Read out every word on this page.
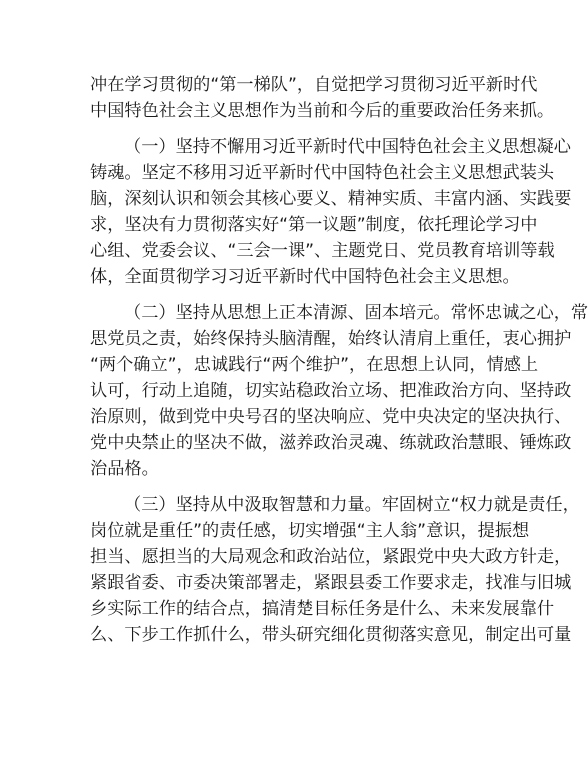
冲在学习贯彻的“第一梯队”，自觉把学习贯彻习近平新时代
中国特色社会主义思想作为当前和今后的重要政治任务来抓。
（一）坚持不懈用习近平新时代中国特色社会主义思想凝心
铸魂。坚定不移用习近平新时代中国特色社会主义思想武装头
脑，深刻认识和领会其核心要义、精神实质、丰富内涵、实践要
求，坚决有力贯彻落实好“第一议题”制度，依托理论学习中
心组、党委会议、“三会一课”、主题党日、党员教育培训等载
体，全面贯彻学习习近平新时代中国特色社会主义思想。
（二）坚持从思想上正本清源、固本培元。常怀忠诚之心，常
思党员之责，始终保持头脑清醒，始终认清肩上重任，衷心拥护
“两个确立”，忠诚践行“两个维护”，在思想上认同，情感上
认可，行动上追随，切实站稳政治立场、把准政治方向、坚持政
治原则，做到党中央号召的坚决响应、党中央决定的坚决执行、
党中央禁止的坚决不做，滋养政治灵魂、练就政治慧眼、锤炼政
治品格。
（三）坚持从中汲取智慧和力量。牢固树立“权力就是责任，
岗位就是重任”的责任感，切实增强“主人翁”意识，提振想
担当、愿担当的大局观念和政治站位，紧跟党中央大政方针走，
紧跟省委、市委决策部署走，紧跟县委工作要求走，找准与旧城
乡实际工作的结合点，搞清楚目标任务是什么、未来发展靠什
么、下步工作抓什么，带头研究细化贯彻落实意见，制定出可量
